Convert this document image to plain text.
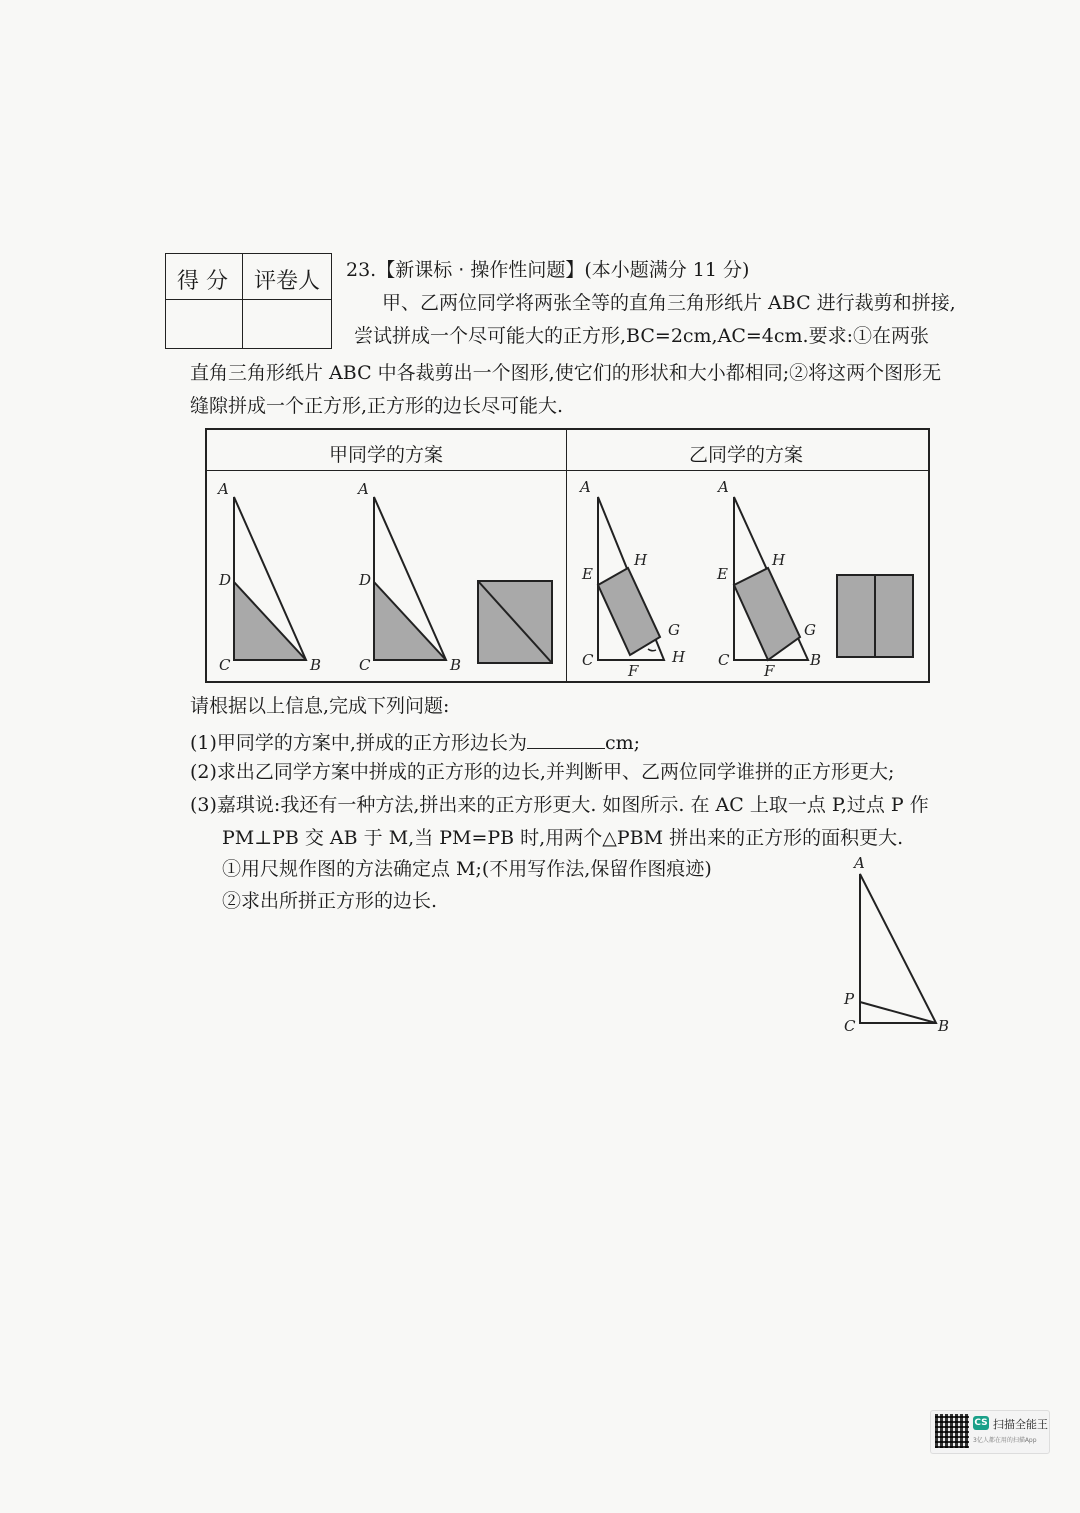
得 分 评卷人 23.【新课标 · 操作性问题】(本小题满分 11 分)
甲、乙两位同学将两张全等的直角三角形纸片 ABC 进行裁剪和拼接,
尝试拼成一个尽可能大的正方形,BC=2cm,AC=4cm.要求:①在两张
直角三角形纸片 ABC 中各裁剪出一个图形,使它们的形状和大小都相同;②将这两个图形无
缝隙拼成一个正方形,正方形的边长尽可能大.
甲同学的方案	乙同学的方案
A
D
C	B
A
D
C	B
A
Ε
H
G
C
F
Η
A
E
H
G
C
F
B
请根据以上信息,完成下列问题:
(1)甲同学的方案中,拼成的正方形边长为	cm;
(2)求出乙同学方案中拼成的正方形的边长,并判断甲、乙两位同学谁拼的正方形更大;
(3)嘉琪说:我还有一种方法,拼出来的正方形更大. 如图所示. 在 AC 上取一点 P,过点 P 作
PM⊥PB 交 AB 于 M,当 PM=PB 时,用两个△PBM 拼出来的正方形的面积更大.
①用尺规作图的方法确定点 M;(不用写作法,保留作图痕迹)
②求出所拼正方形的边长.
A
P
C	B
CS 扫描全能王
3亿人都在用的扫描App
